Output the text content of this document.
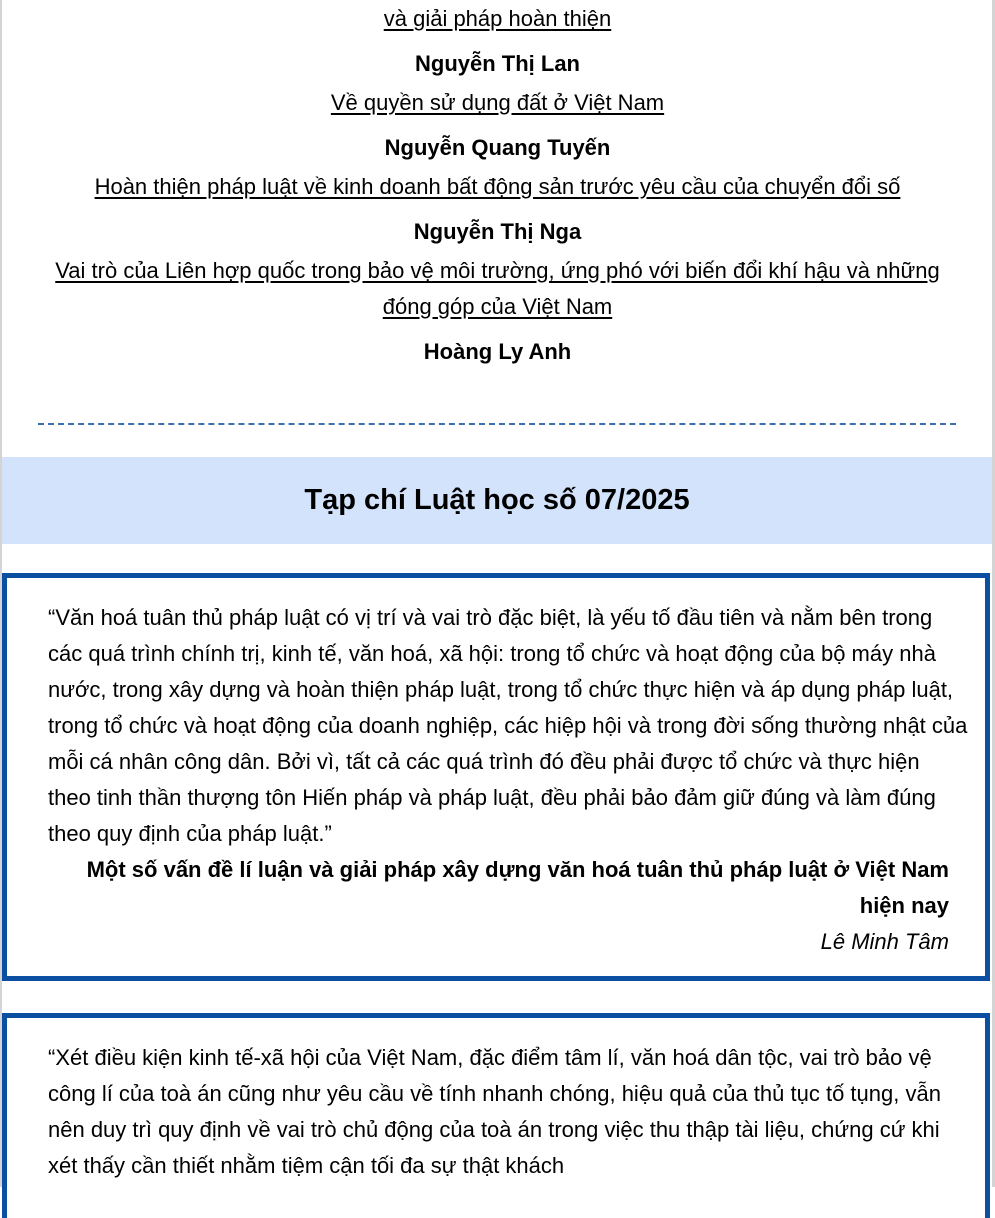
và giải pháp hoàn thiện
Nguyễn Thị Lan
Về quyền sử dụng đất ở Việt Nam
Nguyễn Quang Tuyến
Hoàn thiện pháp luật về kinh doanh bất động sản trước yêu cầu của chuyển đổi số
Nguyễn Thị Nga
Vai trò của Liên hợp quốc trong bảo vệ môi trường, ứng phó với biến đổi khí hậu và những đóng góp của Việt Nam
Hoàng Ly Anh
Tạp chí Luật học số 07/2025

“Văn hoá tuân thủ pháp luật có vị trí và vai trò đặc biệt, là yếu tố đầu tiên và nằm bên trong các quá trình chính trị, kinh tế, văn hoá, xã hội: trong tổ chức và hoạt động của bộ máy nhà nước, trong xây dựng và hoàn thiện pháp luật, trong tổ chức thực hiện và áp dụng pháp luật, trong tổ chức và hoạt động của doanh nghiệp, các hiệp hội và trong đời sống thường nhật của mỗi cá nhân công dân. Bởi vì, tất cả các quá trình đó đều phải được tổ chức và thực hiện theo tinh thần thượng tôn Hiến pháp và pháp luật, đều phải bảo đảm giữ đúng và làm đúng theo quy định của pháp luật.”

Một số vấn đề lí luận và giải pháp xây dựng văn hoá tuân thủ pháp luật ở Việt Nam hiện nay

Lê Minh Tâm

“Xét điều kiện kinh tế-xã hội của Việt Nam, đặc điểm tâm lí, văn hoá dân tộc, vai trò bảo vệ công lí của toà án cũng như yêu cầu về tính nhanh chóng, hiệu quả của thủ tục tố tụng, vẫn nên duy trì quy định về vai trò chủ động của toà án trong việc thu thập tài liệu, chứng cứ khi xét thấy cần thiết nhằm tiệm cận tối đa sự thật khách
